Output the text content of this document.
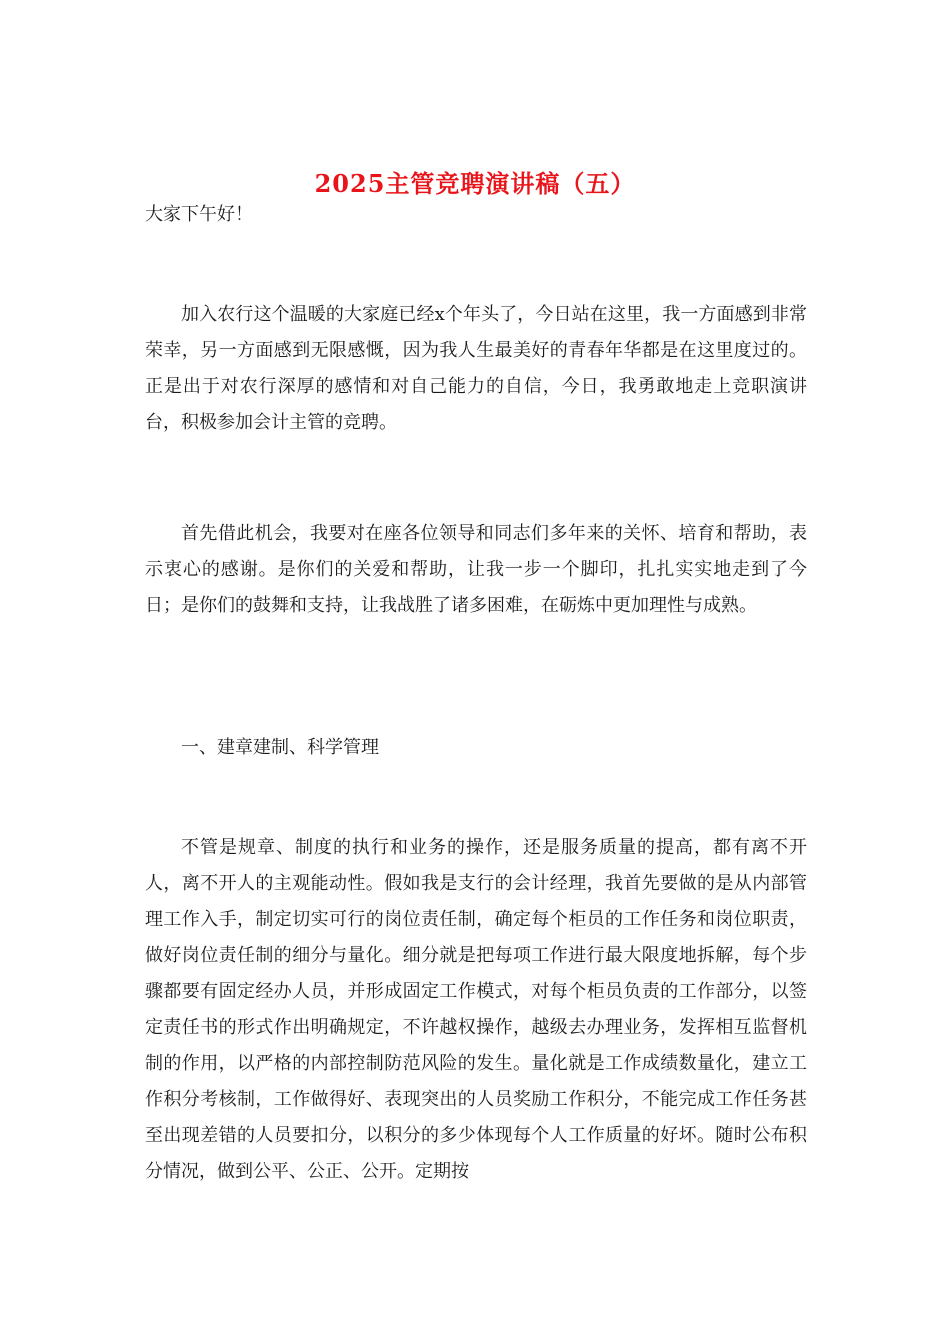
2025主管竞聘演讲稿（五）

大家下午好！

加入农行这个温暖的大家庭已经x个年头了，今日站在这里，我一方面感到非常荣幸，另一方面感到无限感慨，因为我人生最美好的青春年华都是在这里度过的。正是出于对农行深厚的感情和对自己能力的自信，今日，我勇敢地走上竞职演讲台，积极参加会计主管的竞聘。

首先借此机会，我要对在座各位领导和同志们多年来的关怀、培育和帮助，表示衷心的感谢。是你们的关爱和帮助，让我一步一个脚印，扎扎实实地走到了今日；是你们的鼓舞和支持，让我战胜了诸多困难，在砺炼中更加理性与成熟。

一、建章建制、科学管理

不管是规章、制度的执行和业务的操作，还是服务质量的提高，都有离不开人，离不开人的主观能动性。假如我是支行的会计经理，我首先要做的是从内部管理工作入手，制定切实可行的岗位责任制，确定每个柜员的工作任务和岗位职责，做好岗位责任制的细分与量化。细分就是把每项工作进行最大限度地拆解，每个步骤都要有固定经办人员，并形成固定工作模式，对每个柜员负责的工作部分，以签定责任书的形式作出明确规定，不许越权操作，越级去办理业务，发挥相互监督机制的作用，以严格的内部控制防范风险的发生。量化就是工作成绩数量化，建立工作积分考核制，工作做得好、表现突出的人员奖励工作积分，不能完成工作任务甚至出现差错的人员要扣分，以积分的多少体现每个人工作质量的好坏。随时公布积分情况，做到公平、公正、公开。定期按
